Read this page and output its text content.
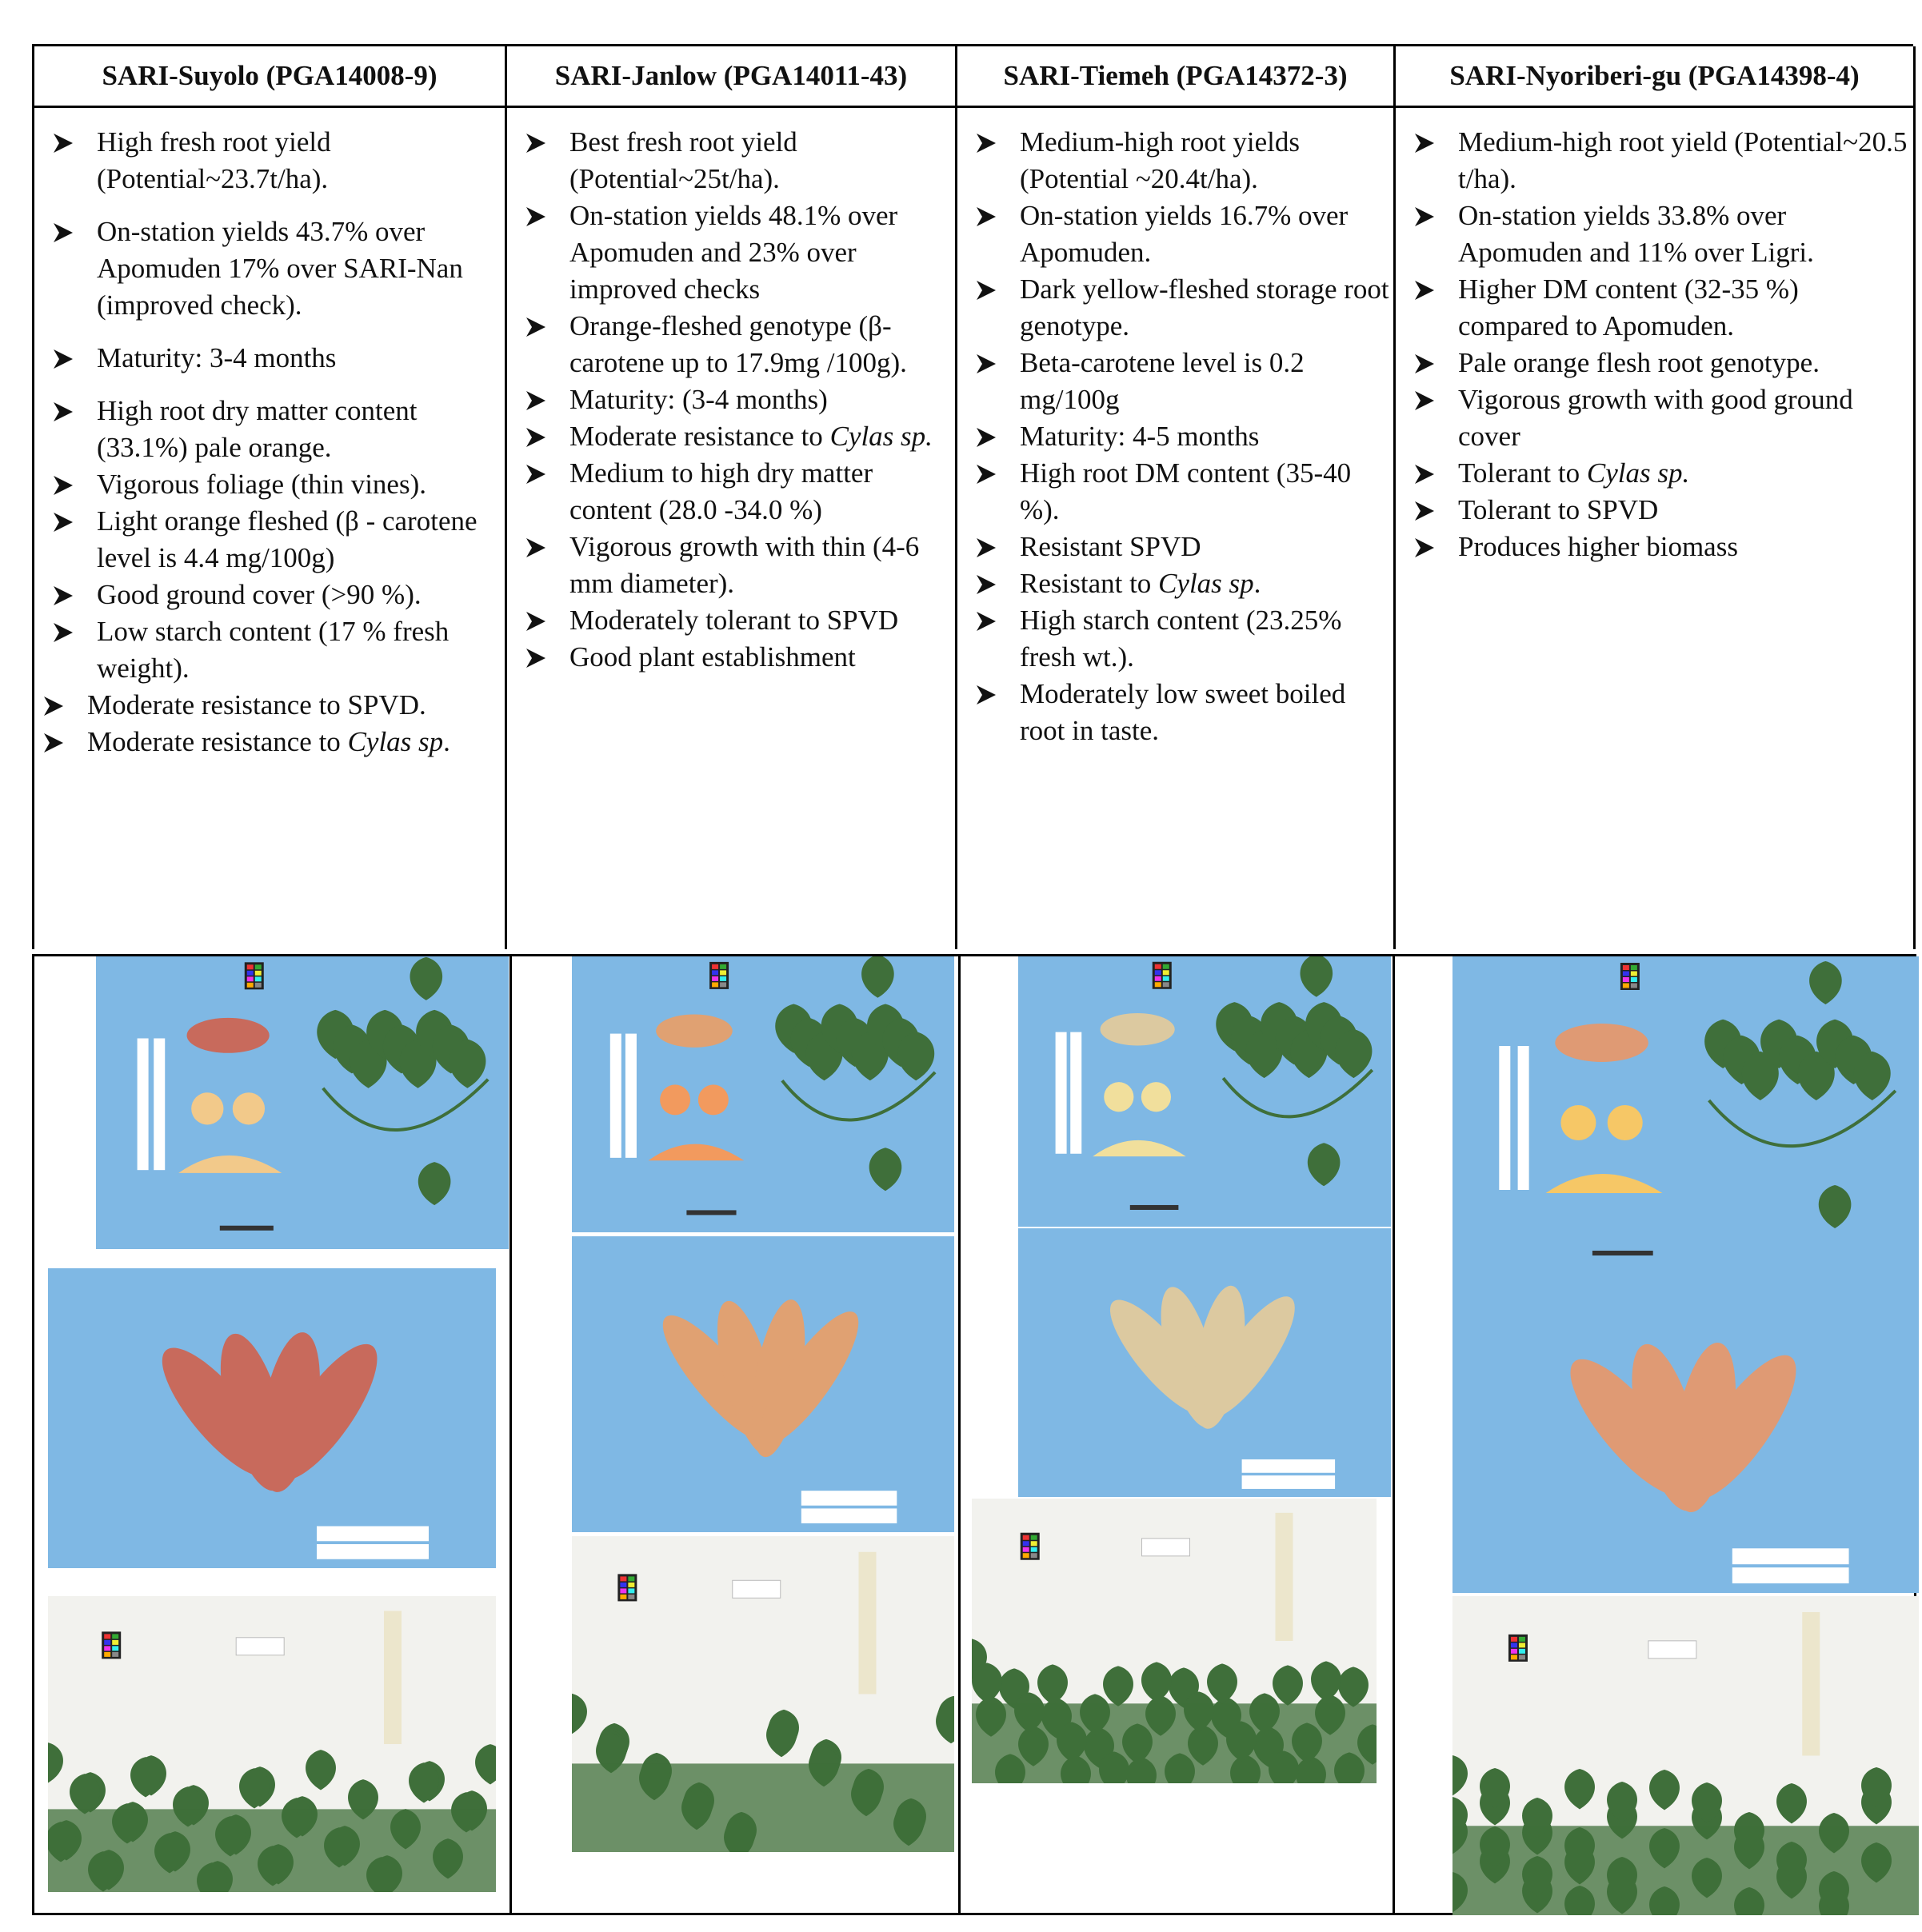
SARI-Suyolo (PGA14008-9)
High fresh root yield (Potential~23.7t/ha).
On-station yields 43.7% over Apomuden 17% over SARI-Nan (improved check).
Maturity: 3-4 months
High root dry matter content (33.1%) pale orange.
Vigorous foliage (thin vines).
Light orange fleshed (β - carotene level is 4.4 mg/100g)
Good ground cover (>90 %).
Low starch content (17 % fresh weight).
Moderate resistance to SPVD.
Moderate resistance to Cylas sp.
SARI-Janlow (PGA14011-43)
Best fresh root yield (Potential~25t/ha).
On-station yields 48.1% over Apomuden and 23% over improved checks
Orange-fleshed genotype (β-carotene up to 17.9mg /100g).
Maturity: (3-4 months)
Moderate resistance to Cylas sp.
Medium to high dry matter content (28.0 -34.0 %)
Vigorous growth with thin (4-6 mm diameter).
Moderately tolerant to SPVD
Good plant establishment
SARI-Tiemeh (PGA14372-3)
Medium-high root yields (Potential ~20.4t/ha).
On-station yields 16.7% over Apomuden.
Dark yellow-fleshed storage root genotype.
Beta-carotene level is 0.2 mg/100g
Maturity: 4-5 months
High root DM content (35-40 %).
Resistant SPVD
Resistant to Cylas sp.
High starch content (23.25% fresh wt.).
Moderately low sweet boiled root in taste.
SARI-Nyoriberi-gu (PGA14398-4)
Medium-high root yield (Potential~20.5 t/ha).
On-station yields 33.8% over Apomuden and 11% over Ligri.
Higher DM content (32-35 %) compared to Apomuden.
Pale orange flesh root genotype.
Vigorous growth with good ground cover
Tolerant to Cylas sp.
Tolerant to SPVD
Produces higher biomass
